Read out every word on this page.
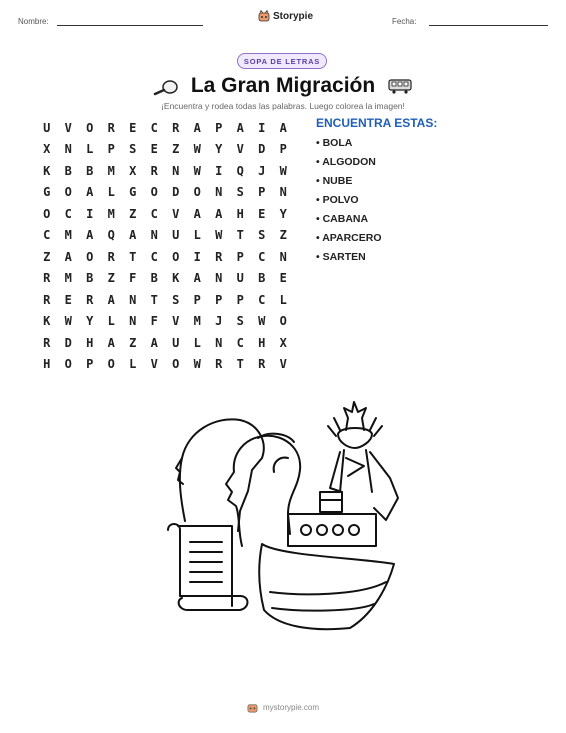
Nombre:	Fecha:
Storypie
SOPA DE LETRAS
La Gran Migración
¡Encuentra y rodea todas las palabras. Luego colorea la imagen!
U	V	O	R	E	C	R	A	P	A	I	A
X	N	L	P	S	E	Z	W	Y	V	D	P
K	B	B	M	X	R	N	W	I	Q	J	W
G	O	A	L	G	O	D	O	N	S	P	N
O	C	I	M	Z	C	V	A	A	H	E	Y
C	M	A	Q	A	N	U	L	W	T	S	Z
Z	A	O	R	T	C	O	I	R	P	C	N
R	M	B	Z	F	B	K	A	N	U	B	E
R	E	R	A	N	T	S	P	P	P	C	L
K	W	Y	L	N	F	V	M	J	S	W	O
R	D	H	A	Z	A	U	L	N	C	H	X
H	O	P	O	L	V	O	W	R	T	R	V
ENCUENTRA ESTAS:
• BOLA
• ALGODON
• NUBE
• POLVO
• CABANA
• APARCERO
• SARTEN
mystorypie.com
